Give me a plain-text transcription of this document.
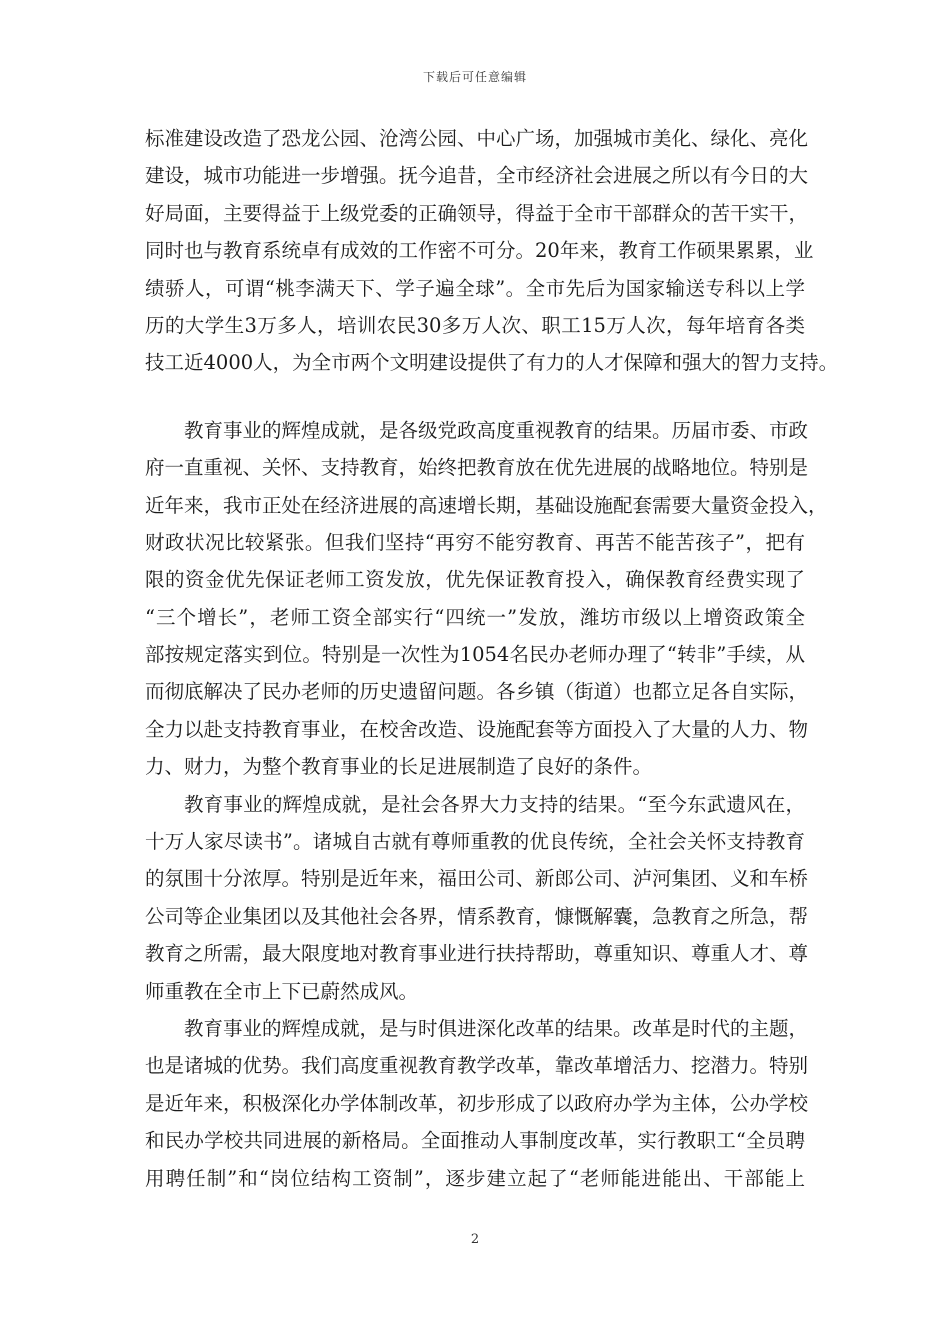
下载后可任意编辑
标准建设改造了恐龙公园、沧湾公园、中心广场，加强城市美化、绿化、亮化
建设，城市功能进一步增强。抚今追昔，全市经济社会进展之所以有今日的大
好局面，主要得益于上级党委的正确领导，得益于全市干部群众的苦干实干，
同时也与教育系统卓有成效的工作密不可分。20年来，教育工作硕果累累，业
绩骄人，可谓“桃李满天下、学子遍全球”。全市先后为国家输送专科以上学
历的大学生3万多人，培训农民30多万人次、职工15万人次，每年培育各类
技工近4000人，为全市两个文明建设提供了有力的人才保障和强大的智力支持。
教育事业的辉煌成就，是各级党政高度重视教育的结果。历届市委、市政
府一直重视、关怀、支持教育，始终把教育放在优先进展的战略地位。特别是
近年来，我市正处在经济进展的高速增长期，基础设施配套需要大量资金投入，
财政状况比较紧张。但我们坚持“再穷不能穷教育、再苦不能苦孩子”，把有
限的资金优先保证老师工资发放，优先保证教育投入，确保教育经费实现了
“三个增长”，老师工资全部实行“四统一”发放，潍坊市级以上增资政策全
部按规定落实到位。特别是一次性为1054名民办老师办理了“转非”手续，从
而彻底解决了民办老师的历史遗留问题。各乡镇（街道）也都立足各自实际，
全力以赴支持教育事业，在校舍改造、设施配套等方面投入了大量的人力、物
力、财力，为整个教育事业的长足进展制造了良好的条件。
教育事业的辉煌成就，是社会各界大力支持的结果。“至今东武遗风在，
十万人家尽读书”。诸城自古就有尊师重教的优良传统，全社会关怀支持教育
的氛围十分浓厚。特别是近年来，福田公司、新郎公司、泸河集团、义和车桥
公司等企业集团以及其他社会各界，情系教育，慷慨解囊，急教育之所急，帮
教育之所需，最大限度地对教育事业进行扶持帮助，尊重知识、尊重人才、尊
师重教在全市上下已蔚然成风。
教育事业的辉煌成就，是与时俱进深化改革的结果。改革是时代的主题，
也是诸城的优势。我们高度重视教育教学改革，靠改革增活力、挖潜力。特别
是近年来，积极深化办学体制改革，初步形成了以政府办学为主体，公办学校
和民办学校共同进展的新格局。全面推动人事制度改革，实行教职工“全员聘
用聘任制”和“岗位结构工资制”，逐步建立起了“老师能进能出、干部能上
2
